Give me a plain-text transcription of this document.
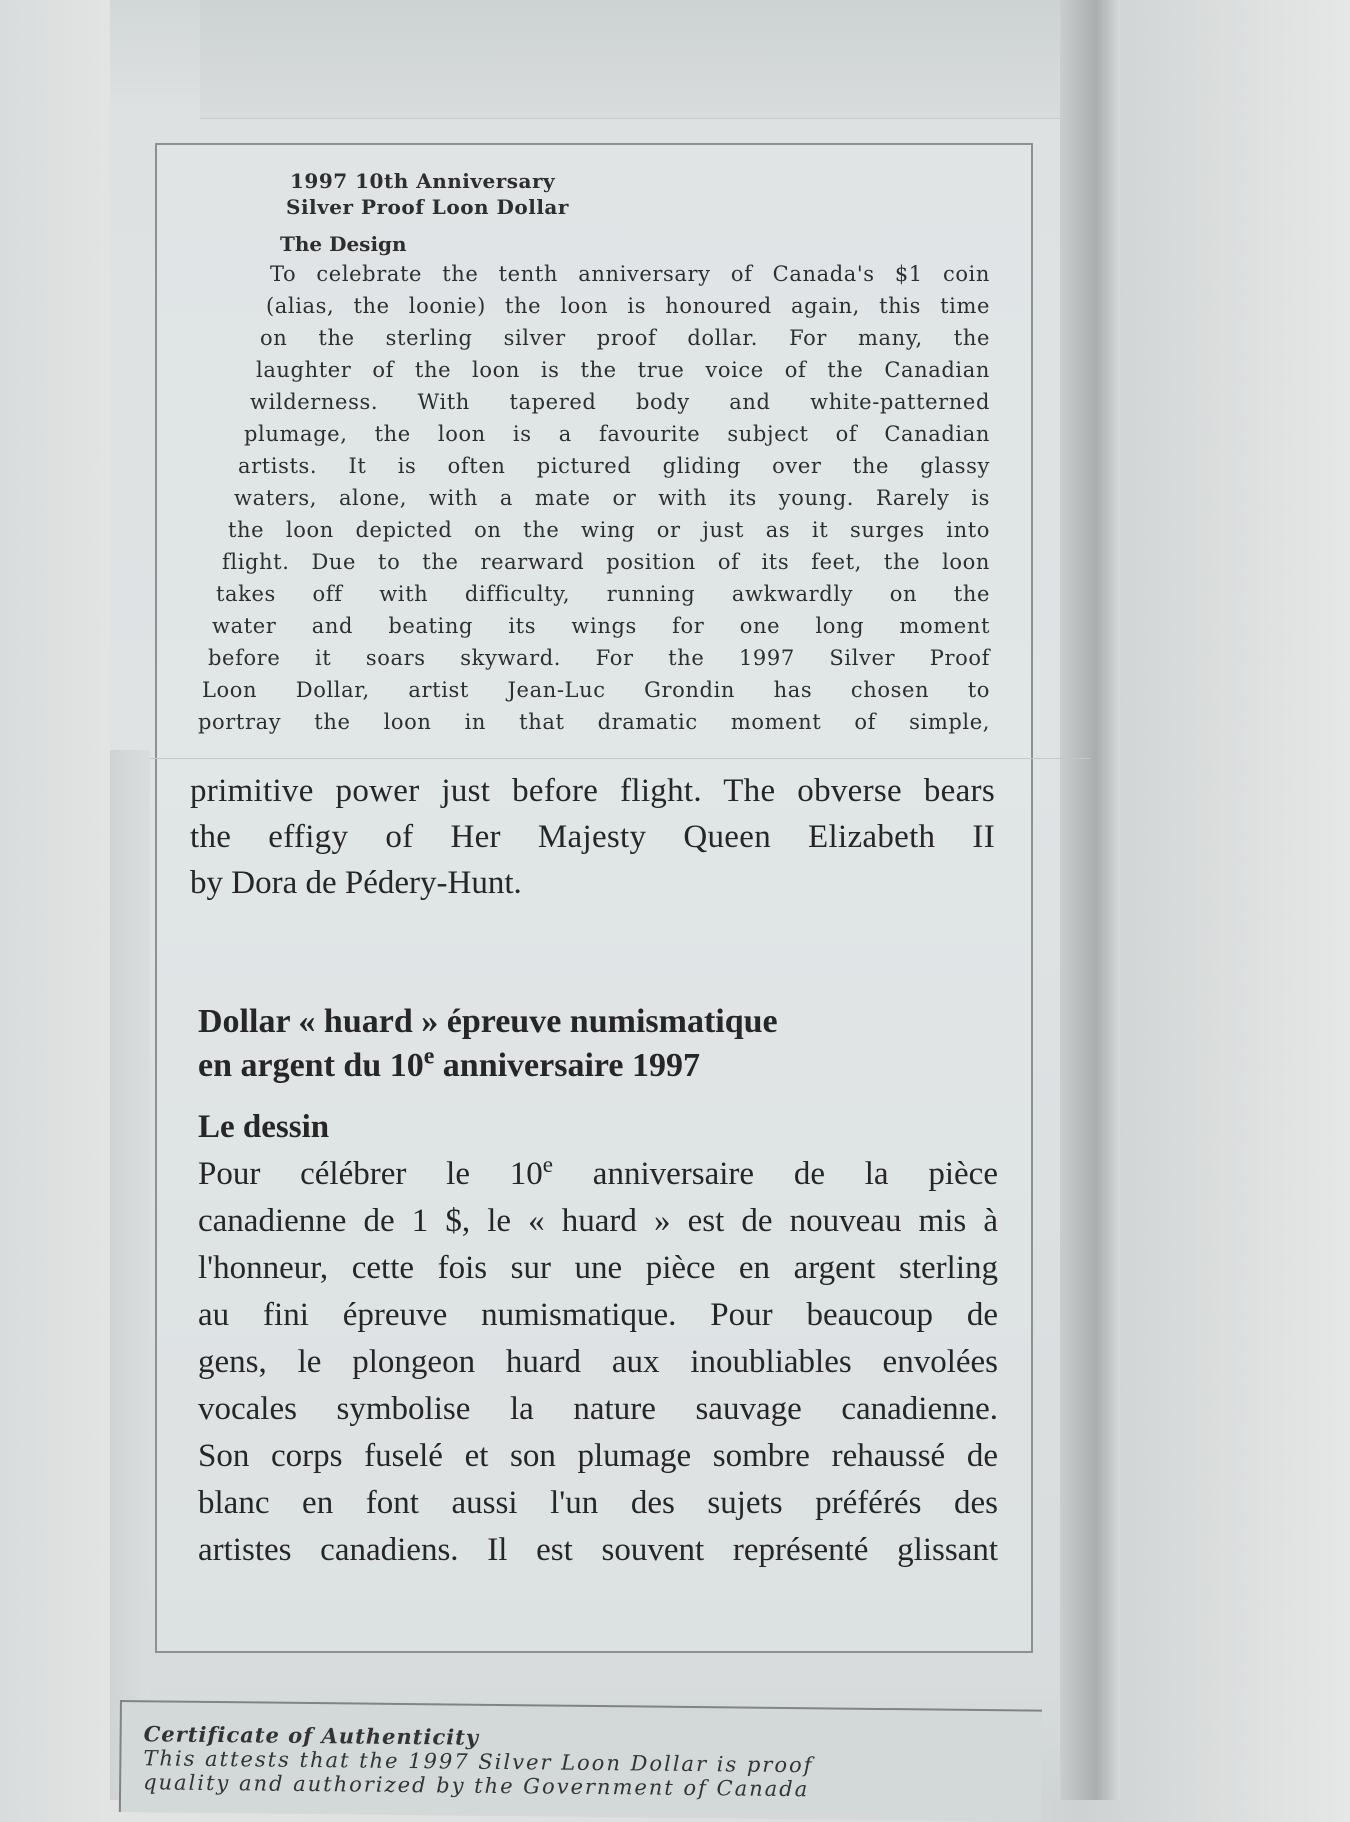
1997 10th Anniversary
Silver Proof Loon Dollar
The Design

To celebrate the tenth anniversary of Canada's $1 coin

(alias, the loonie) the loon is honoured again, this time

on the sterling silver proof dollar. For many, the

laughter of the loon is the true voice of the Canadian

wilderness. With tapered body and white-patterned

plumage, the loon is a favourite subject of Canadian

artists. It is often pictured gliding over the glassy

waters, alone, with a mate or with its young. Rarely is

the loon depicted on the wing or just as it surges into

flight. Due to the rearward position of its feet, the loon

takes off with difficulty, running awkwardly on the

water and beating its wings for one long moment

before it soars skyward. For the 1997 Silver Proof

Loon Dollar, artist Jean-Luc Grondin has chosen to

portray the loon in that dramatic moment of simple,

primitive power just before flight. The obverse bears

the effigy of Her Majesty Queen Elizabeth II

by Dora de Pédery-Hunt.

Dollar « huard » épreuve numismatique
en argent du 10e anniversaire 1997
Le dessin

Pour célébrer le 10e anniversaire de la pièce

canadienne de 1 $, le « huard » est de nouveau mis à

l'honneur, cette fois sur une pièce en argent sterling

au fini épreuve numismatique. Pour beaucoup de

gens, le plongeon huard aux inoubliables envolées

vocales symbolise la nature sauvage canadienne.

Son corps fuselé et son plumage sombre rehaussé de

blanc en font aussi l'un des sujets préférés des

artistes canadiens. Il est souvent représenté glissant

Certificate of Authenticity
This attests that the 1997 Silver Loon Dollar is proof
quality and authorized by the Government of Canada
